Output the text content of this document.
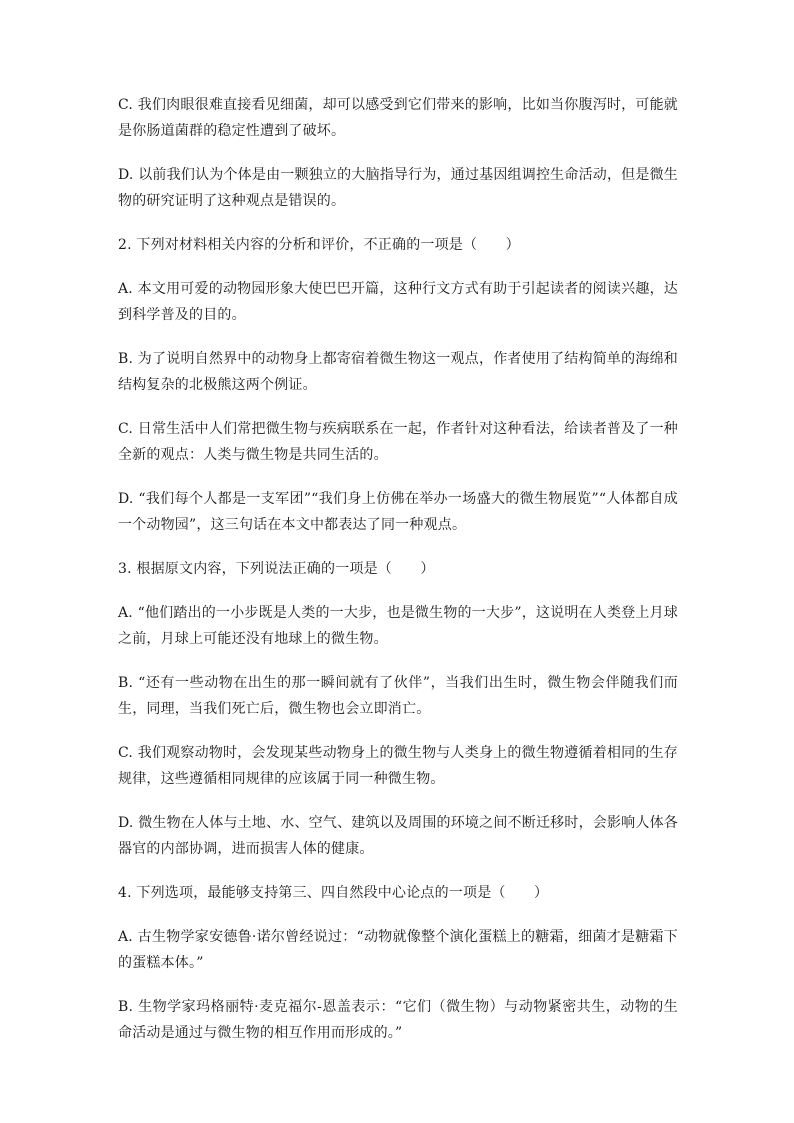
C. 我们肉眼很难直接看见细菌，却可以感受到它们带来的影响，比如当你腹泻时，可能就是你肠道菌群的稳定性遭到了破坏。

D. 以前我们认为个体是由一颗独立的大脑指导行为，通过基因组调控生命活动，但是微生物的研究证明了这种观点是错误的。

2. 下列对材料相关内容的分析和评价，不正确的一项是（　　）

A. 本文用可爱的动物园形象大使巴巴开篇，这种行文方式有助于引起读者的阅读兴趣，达到科学普及的目的。

B. 为了说明自然界中的动物身上都寄宿着微生物这一观点，作者使用了结构简单的海绵和结构复杂的北极熊这两个例证。

C. 日常生活中人们常把微生物与疾病联系在一起，作者针对这种看法，给读者普及了一种全新的观点：人类与微生物是共同生活的。

D. “我们每个人都是一支军团”“我们身上仿佛在举办一场盛大的微生物展览”“人体都自成一个动物园”，这三句话在本文中都表达了同一种观点。

3. 根据原文内容，下列说法正确的一项是（　　）

A. “他们踏出的一小步既是人类的一大步，也是微生物的一大步”，这说明在人类登上月球之前，月球上可能还没有地球上的微生物。

B. “还有一些动物在出生的那一瞬间就有了伙伴”，当我们出生时，微生物会伴随我们而生，同理，当我们死亡后，微生物也会立即消亡。

C. 我们观察动物时，会发现某些动物身上的微生物与人类身上的微生物遵循着相同的生存规律，这些遵循相同规律的应该属于同一种微生物。

D. 微生物在人体与土地、水、空气、建筑以及周围的环境之间不断迁移时，会影响人体各器官的内部协调，进而损害人体的健康。

4. 下列选项，最能够支持第三、四自然段中心论点的一项是（　　）

A. 古生物学家安德鲁·诺尔曾经说过：“动物就像整个演化蛋糕上的糖霜，细菌才是糖霜下的蛋糕本体。”

B. 生物学家玛格丽特·麦克福尔-恩盖表示：“它们（微生物）与动物紧密共生，动物的生命活动是通过与微生物的相互作用而形成的。”
